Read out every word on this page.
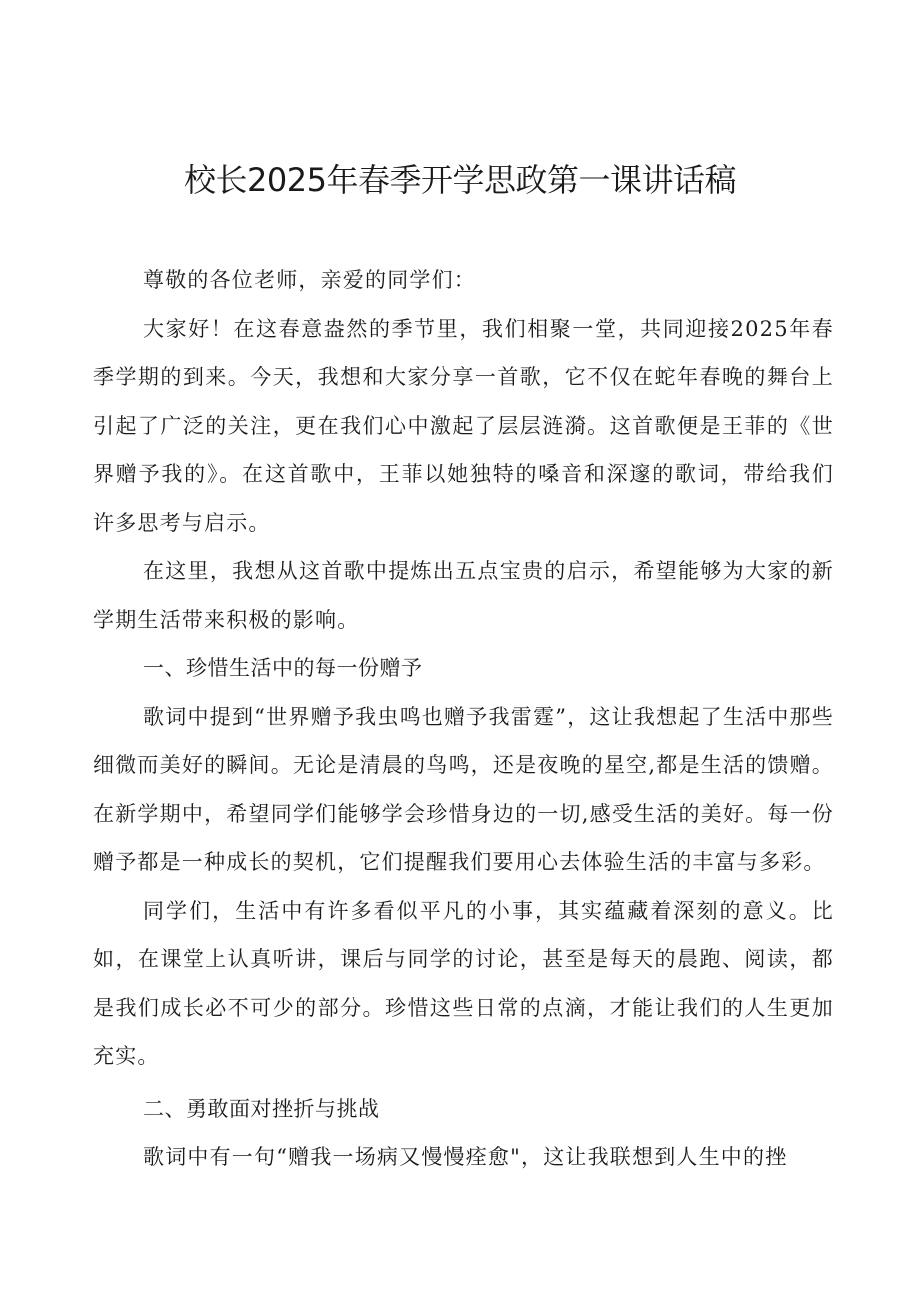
校长2025年春季开学思政第一课讲话稿

尊敬的各位老师，亲爱的同学们：

大家好！在这春意盎然的季节里，我们相聚一堂，共同迎接2025年春季学期的到来。今天，我想和大家分享一首歌，它不仅在蛇年春晚的舞台上引起了广泛的关注，更在我们心中激起了层层涟漪。这首歌便是王菲的《世界赠予我的》。在这首歌中，王菲以她独特的嗓音和深邃的歌词，带给我们许多思考与启示。

在这里，我想从这首歌中提炼出五点宝贵的启示，希望能够为大家的新学期生活带来积极的影响。

一、珍惜生活中的每一份赠予

歌词中提到“世界赠予我虫鸣也赠予我雷霆”，这让我想起了生活中那些细微而美好的瞬间。无论是清晨的鸟鸣，还是夜晚的星空,都是生活的馈赠。在新学期中，希望同学们能够学会珍惜身边的一切,感受生活的美好。每一份赠予都是一种成长的契机，它们提醒我们要用心去体验生活的丰富与多彩。

同学们，生活中有许多看似平凡的小事，其实蕴藏着深刻的意义。比如，在课堂上认真听讲，课后与同学的讨论，甚至是每天的晨跑、阅读，都是我们成长必不可少的部分。珍惜这些日常的点滴，才能让我们的人生更加充实。

二、勇敢面对挫折与挑战

歌词中有一句“赠我一场病又慢慢痊愈"，这让我联想到人生中的挫
